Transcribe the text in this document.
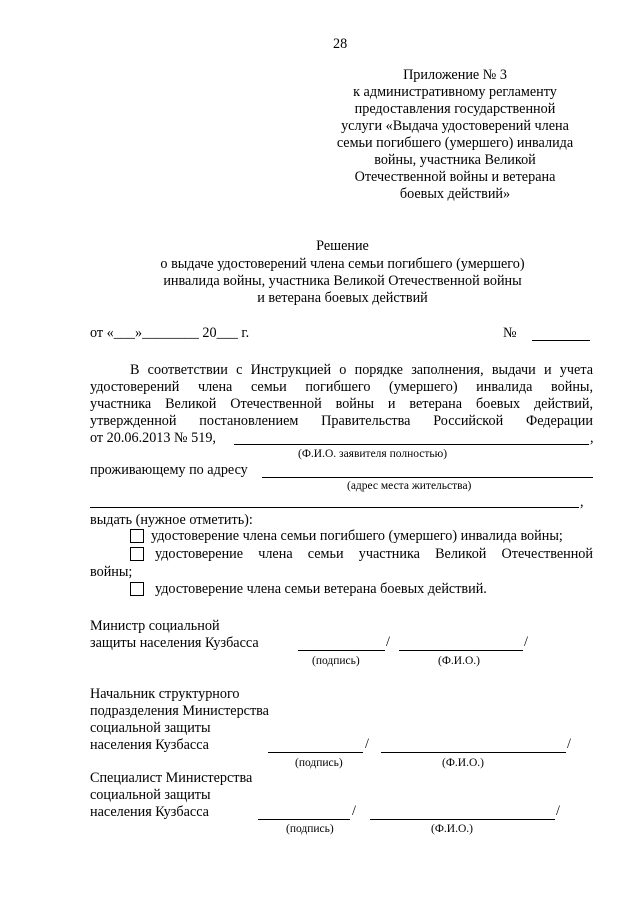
28
Приложение № 3
к административному регламенту
предоставления государственной
услуги «Выдача удостоверений члена
семьи погибшего (умершего) инвалида
войны, участника Великой
Отечественной войны и ветерана
боевых действий»
Решение
о выдаче удостоверений члена семьи погибшего (умершего)
инвалида войны, участника Великой Отечественной войны
и ветерана боевых действий
от «___»________ 20___ г.	№
В соответствии с Инструкцией о порядке заполнения, выдачи и учета
удостоверений члена семьи погибшего (умершего) инвалида войны,
участника Великой Отечественной войны и ветерана боевых действий,
утвержденной постановлением Правительства Российской Федерации
от 20.06.2013 № 519,	,
(Ф.И.О. заявителя полностью)
проживающему по адресу
(адрес места жительства)
,
выдать (нужное отметить):
удостоверение члена семьи погибшего (умершего) инвалида войны;
удостоверение члена семьи участника Великой Отечественной
войны;
удостоверение члена семьи ветерана боевых действий.
Министр социальной
защиты населения Кузбасса	/	/
(подпись)	(Ф.И.О.)
Начальник структурного
подразделения Министерства
социальной защиты
населения Кузбасса	/	/
(подпись)	(Ф.И.О.)
Специалист Министерства
социальной защиты
населения Кузбасса	/	/
(подпись)	(Ф.И.О.)
